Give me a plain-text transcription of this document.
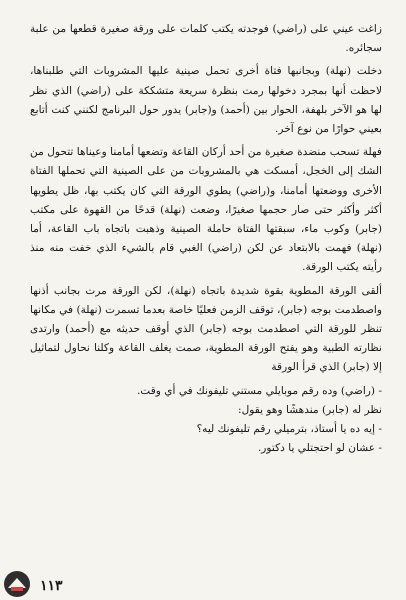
زاغت عيني على (راضي) فوجدته يكتب كلمات على ورقة صغيرة قطعها من علبة سجائره.

دخلت (نهلة) وبجانبها فتاة أخرى تحمل صينية عليها المشروبات التي طلبناها، لاحظت أنها بمجرد دخولها رمت بنظرة سريعة متشككة على (راضي) الذي نظر لها هو الآخر بلهفة، الحوار بين (أحمد) و(جابر) يدور حول البرنامج لكنني كنت أتابع بعيني حوارًا من نوع آخر.

فهلة تسحب منضدة صغيرة من أحد أركان القاعة وتضعها أمامنا وعيناها تتحول من الشك إلى الخجل، أمسكت هي بالمشروبات من على الصينية التي تحملها الفتاة الأخرى ووضعتها أمامنا، و(راضي) يطوي الورقة التي كان يكتب بها، ظل يطويها أكثر وأكثر حتى صار حجمها صغيرًا، وضعت (نهلة) قدحًا من القهوة على مكتب (جابر) وكوب ماء، سبقتها الفتاة حاملة الصينية وذهبت باتجاه باب القاعة، أما (نهلة) فهمت بالابتعاد عن لكن (راضي) الغبي قام بالشيء الذي خفت منه منذ رأيته يكتب الورقة.

ألقى الورقة المطوية بقوة شديدة باتجاه (نهلة)، لكن الورقة مرت بجانب أذنها واصطدمت بوجه (جابر)، توقف الزمن فعليًا خاصة بعدما تسمرت (نهلة) في مكانها تنظر للورقة التي اصطدمت بوجه (جابر) الذي أوقف حديثه مع (أحمد) وارتدى نظارته الطبية وهو يفتح الورقة المطوية، صمت يغلف القاعة وكلنا نحاول لتماثيل إلا (جابر) الذي قرأ الورقة

- (راضي) وده رقم موبايلي مستني تليفونك في أي وقت.

نظر له (جابر) مندهشًا وهو يقول:

- إيه ده يا أستاذ، بترميلي رقم تليفونك ليه؟

- عشان لو احتجتلي يا دكتور.

١١٣
